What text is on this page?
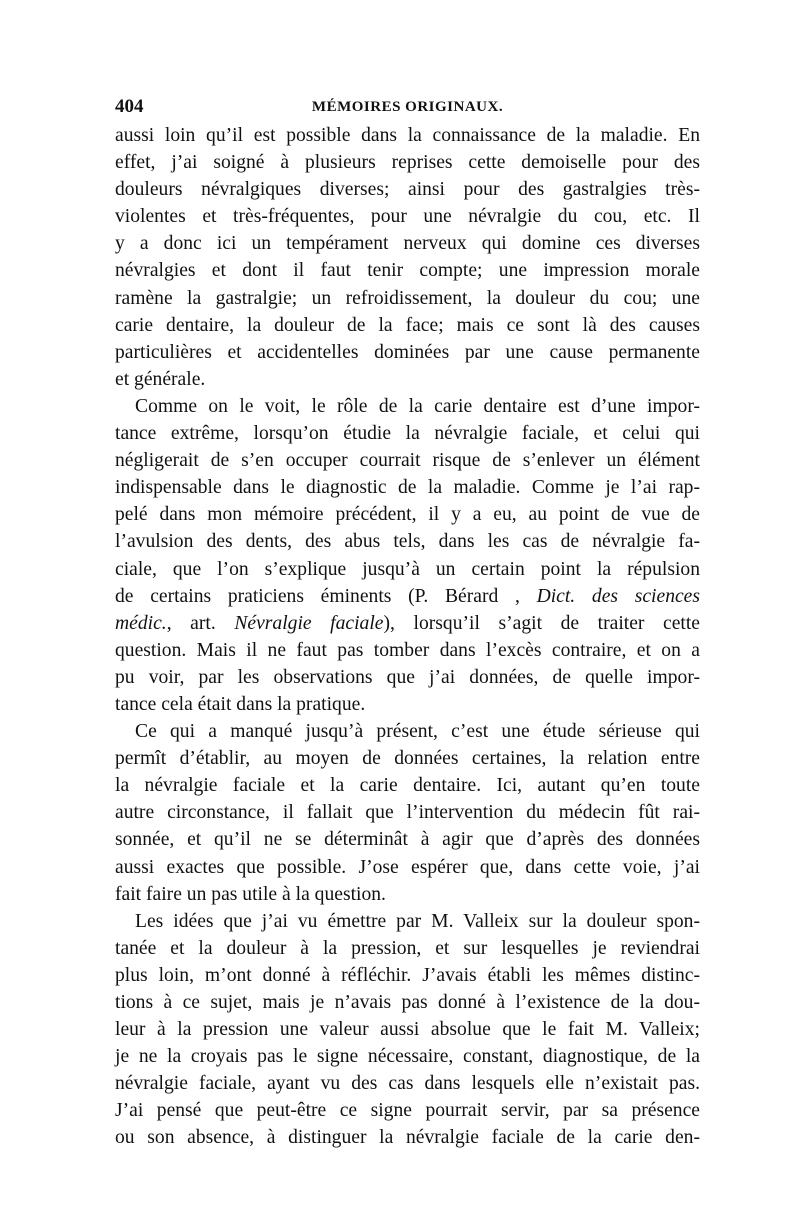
404	MÉMOIRES ORIGINAUX.
aussi loin qu’il est possible dans la connaissance de la maladie. En
effet, j’ai soigné à plusieurs reprises cette demoiselle pour des
douleurs névralgiques diverses; ainsi pour des gastralgies très-
violentes et très-fréquentes, pour une névralgie du cou, etc. Il
y a donc ici un tempérament nerveux qui domine ces diverses
névralgies et dont il faut tenir compte; une impression morale
ramène la gastralgie; un refroidissement, la douleur du cou; une
carie dentaire, la douleur de la face; mais ce sont là des causes
particulières et accidentelles dominées par une cause permanente
et générale.
Comme on le voit, le rôle de la carie dentaire est d’une impor-
tance extrême, lorsqu’on étudie la névralgie faciale, et celui qui
négligerait de s’en occuper courrait risque de s’enlever un élément
indispensable dans le diagnostic de la maladie. Comme je l’ai rap-
pelé dans mon mémoire précédent, il y a eu, au point de vue de
l’avulsion des dents, des abus tels, dans les cas de névralgie fa-
ciale, que l’on s’explique jusqu’à un certain point la répulsion
de certains praticiens éminents (P. Bérard , Dict. des sciences
médic., art. Névralgie faciale), lorsqu’il s’agit de traiter cette
question. Mais il ne faut pas tomber dans l’excès contraire, et on a
pu voir, par les observations que j’ai données, de quelle impor-
tance cela était dans la pratique.
Ce qui a manqué jusqu’à présent, c’est une étude sérieuse qui
permît d’établir, au moyen de données certaines, la relation entre
la névralgie faciale et la carie dentaire. Ici, autant qu’en toute
autre circonstance, il fallait que l’intervention du médecin fût rai-
sonnée, et qu’il ne se déterminât à agir que d’après des données
aussi exactes que possible. J’ose espérer que, dans cette voie, j’ai
fait faire un pas utile à la question.
Les idées que j’ai vu émettre par M. Valleix sur la douleur spon-
tanée et la douleur à la pression, et sur lesquelles je reviendrai
plus loin, m’ont donné à réfléchir. J’avais établi les mêmes distinc-
tions à ce sujet, mais je n’avais pas donné à l’existence de la dou-
leur à la pression une valeur aussi absolue que le fait M. Valleix;
je ne la croyais pas le signe nécessaire, constant, diagnostique, de la
névralgie faciale, ayant vu des cas dans lesquels elle n’existait pas.
J’ai pensé que peut-être ce signe pourrait servir, par sa présence
ou son absence, à distinguer la névralgie faciale de la carie den-
